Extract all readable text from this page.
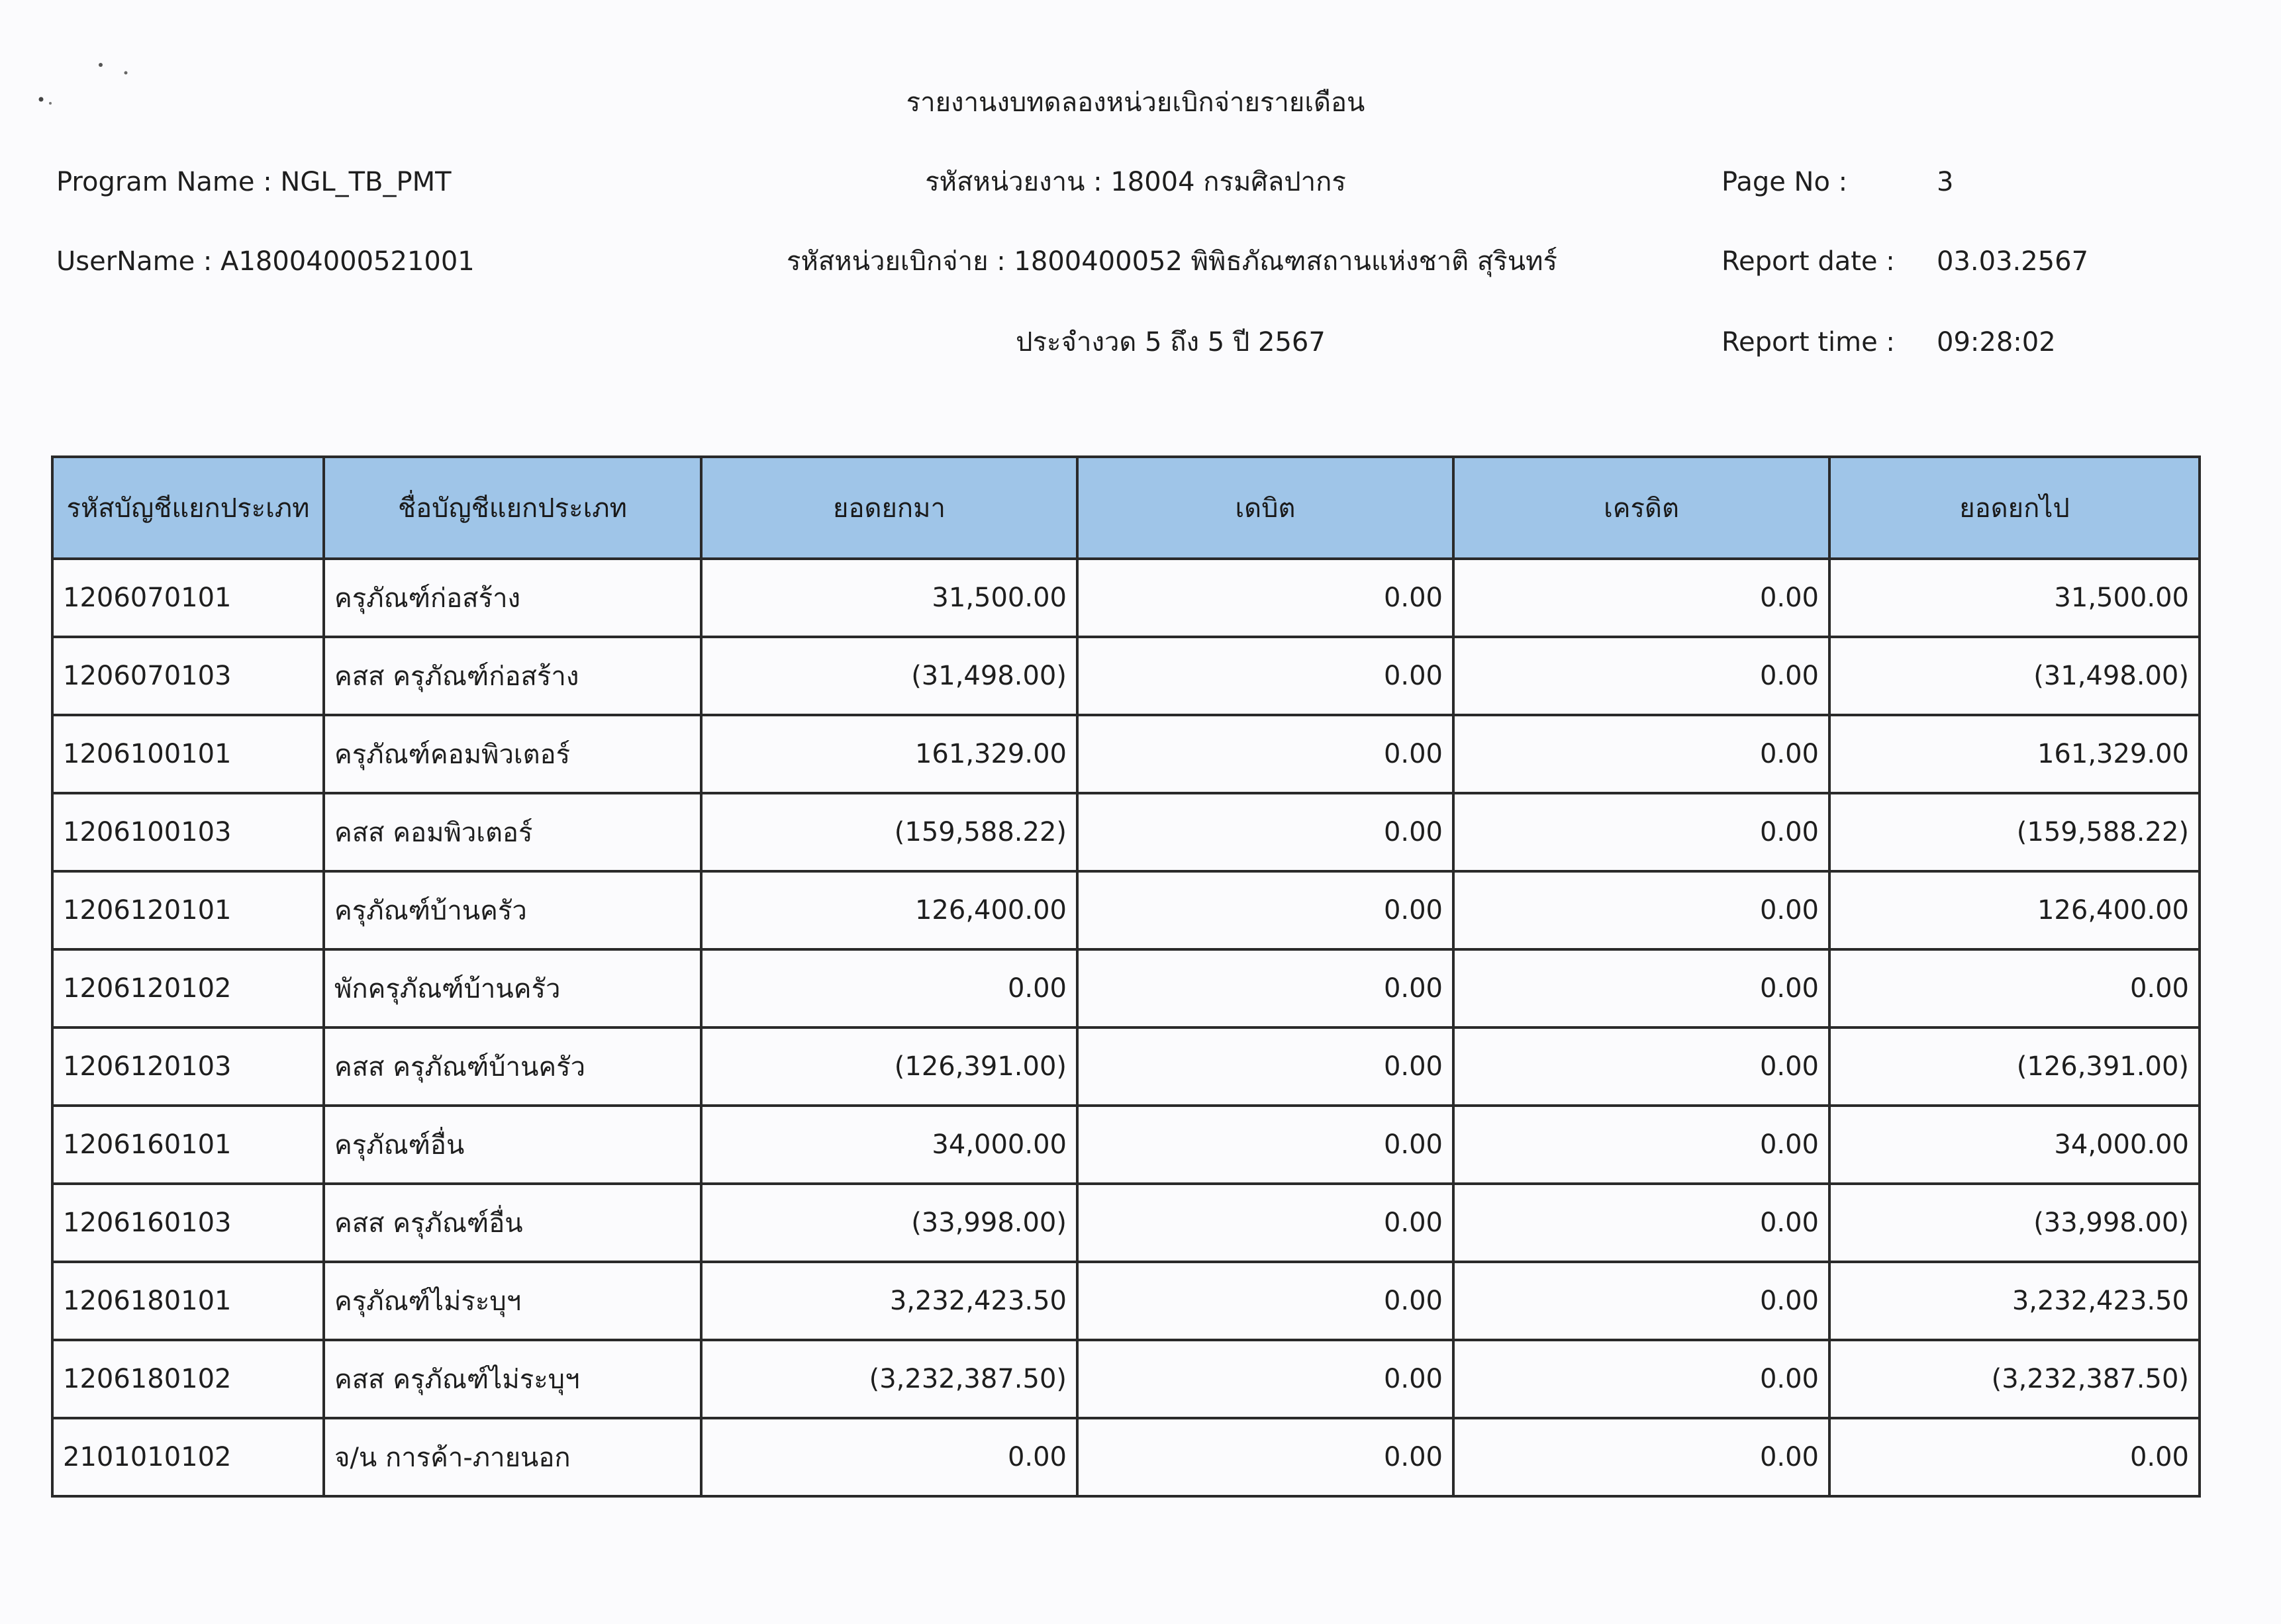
รายงานงบทดลองหน่วยเบิกจ่ายรายเดือน
Program Name : NGL_TB_PMT	รหัสหน่วยงาน : 18004 กรมศิลปากร	Page No :	3
UserName : A18004000521001	รหัสหน่วยเบิกจ่าย : 1800400052 พิพิธภัณฑสถานแห่งชาติ สุรินทร์	Report date : 03.03.2567
ประจำงวด 5 ถึง 5 ปี 2567	Report time : 09:28:02
รหัสบัญชีแยกประเภท	ชื่อบัญชีแยกประเภท	ยอดยกมา	เดบิต	เครดิต	ยอดยกไป
1206070101	ครุภัณฑ์ก่อสร้าง	31,500.00	0.00	0.00	31,500.00
1206070103	คสส ครุภัณฑ์ก่อสร้าง	(31,498.00)	0.00	0.00	(31,498.00)
1206100101	ครุภัณฑ์คอมพิวเตอร์	161,329.00	0.00	0.00	161,329.00
1206100103	คสส คอมพิวเตอร์	(159,588.22)	0.00	0.00	(159,588.22)
1206120101	ครุภัณฑ์บ้านครัว	126,400.00	0.00	0.00	126,400.00
1206120102	พักครุภัณฑ์บ้านครัว	0.00	0.00	0.00	0.00
1206120103	คสส ครุภัณฑ์บ้านครัว	(126,391.00)	0.00	0.00	(126,391.00)
1206160101	ครุภัณฑ์อื่น	34,000.00	0.00	0.00	34,000.00
1206160103	คสส ครุภัณฑ์อื่น	(33,998.00)	0.00	0.00	(33,998.00)
1206180101	ครุภัณฑ์ไม่ระบุฯ	3,232,423.50	0.00	0.00	3,232,423.50
1206180102	คสส ครุภัณฑ์ไม่ระบุฯ	(3,232,387.50)	0.00	0.00	(3,232,387.50)
2101010102	จ/น การค้า-ภายนอก	0.00	0.00	0.00	0.00
